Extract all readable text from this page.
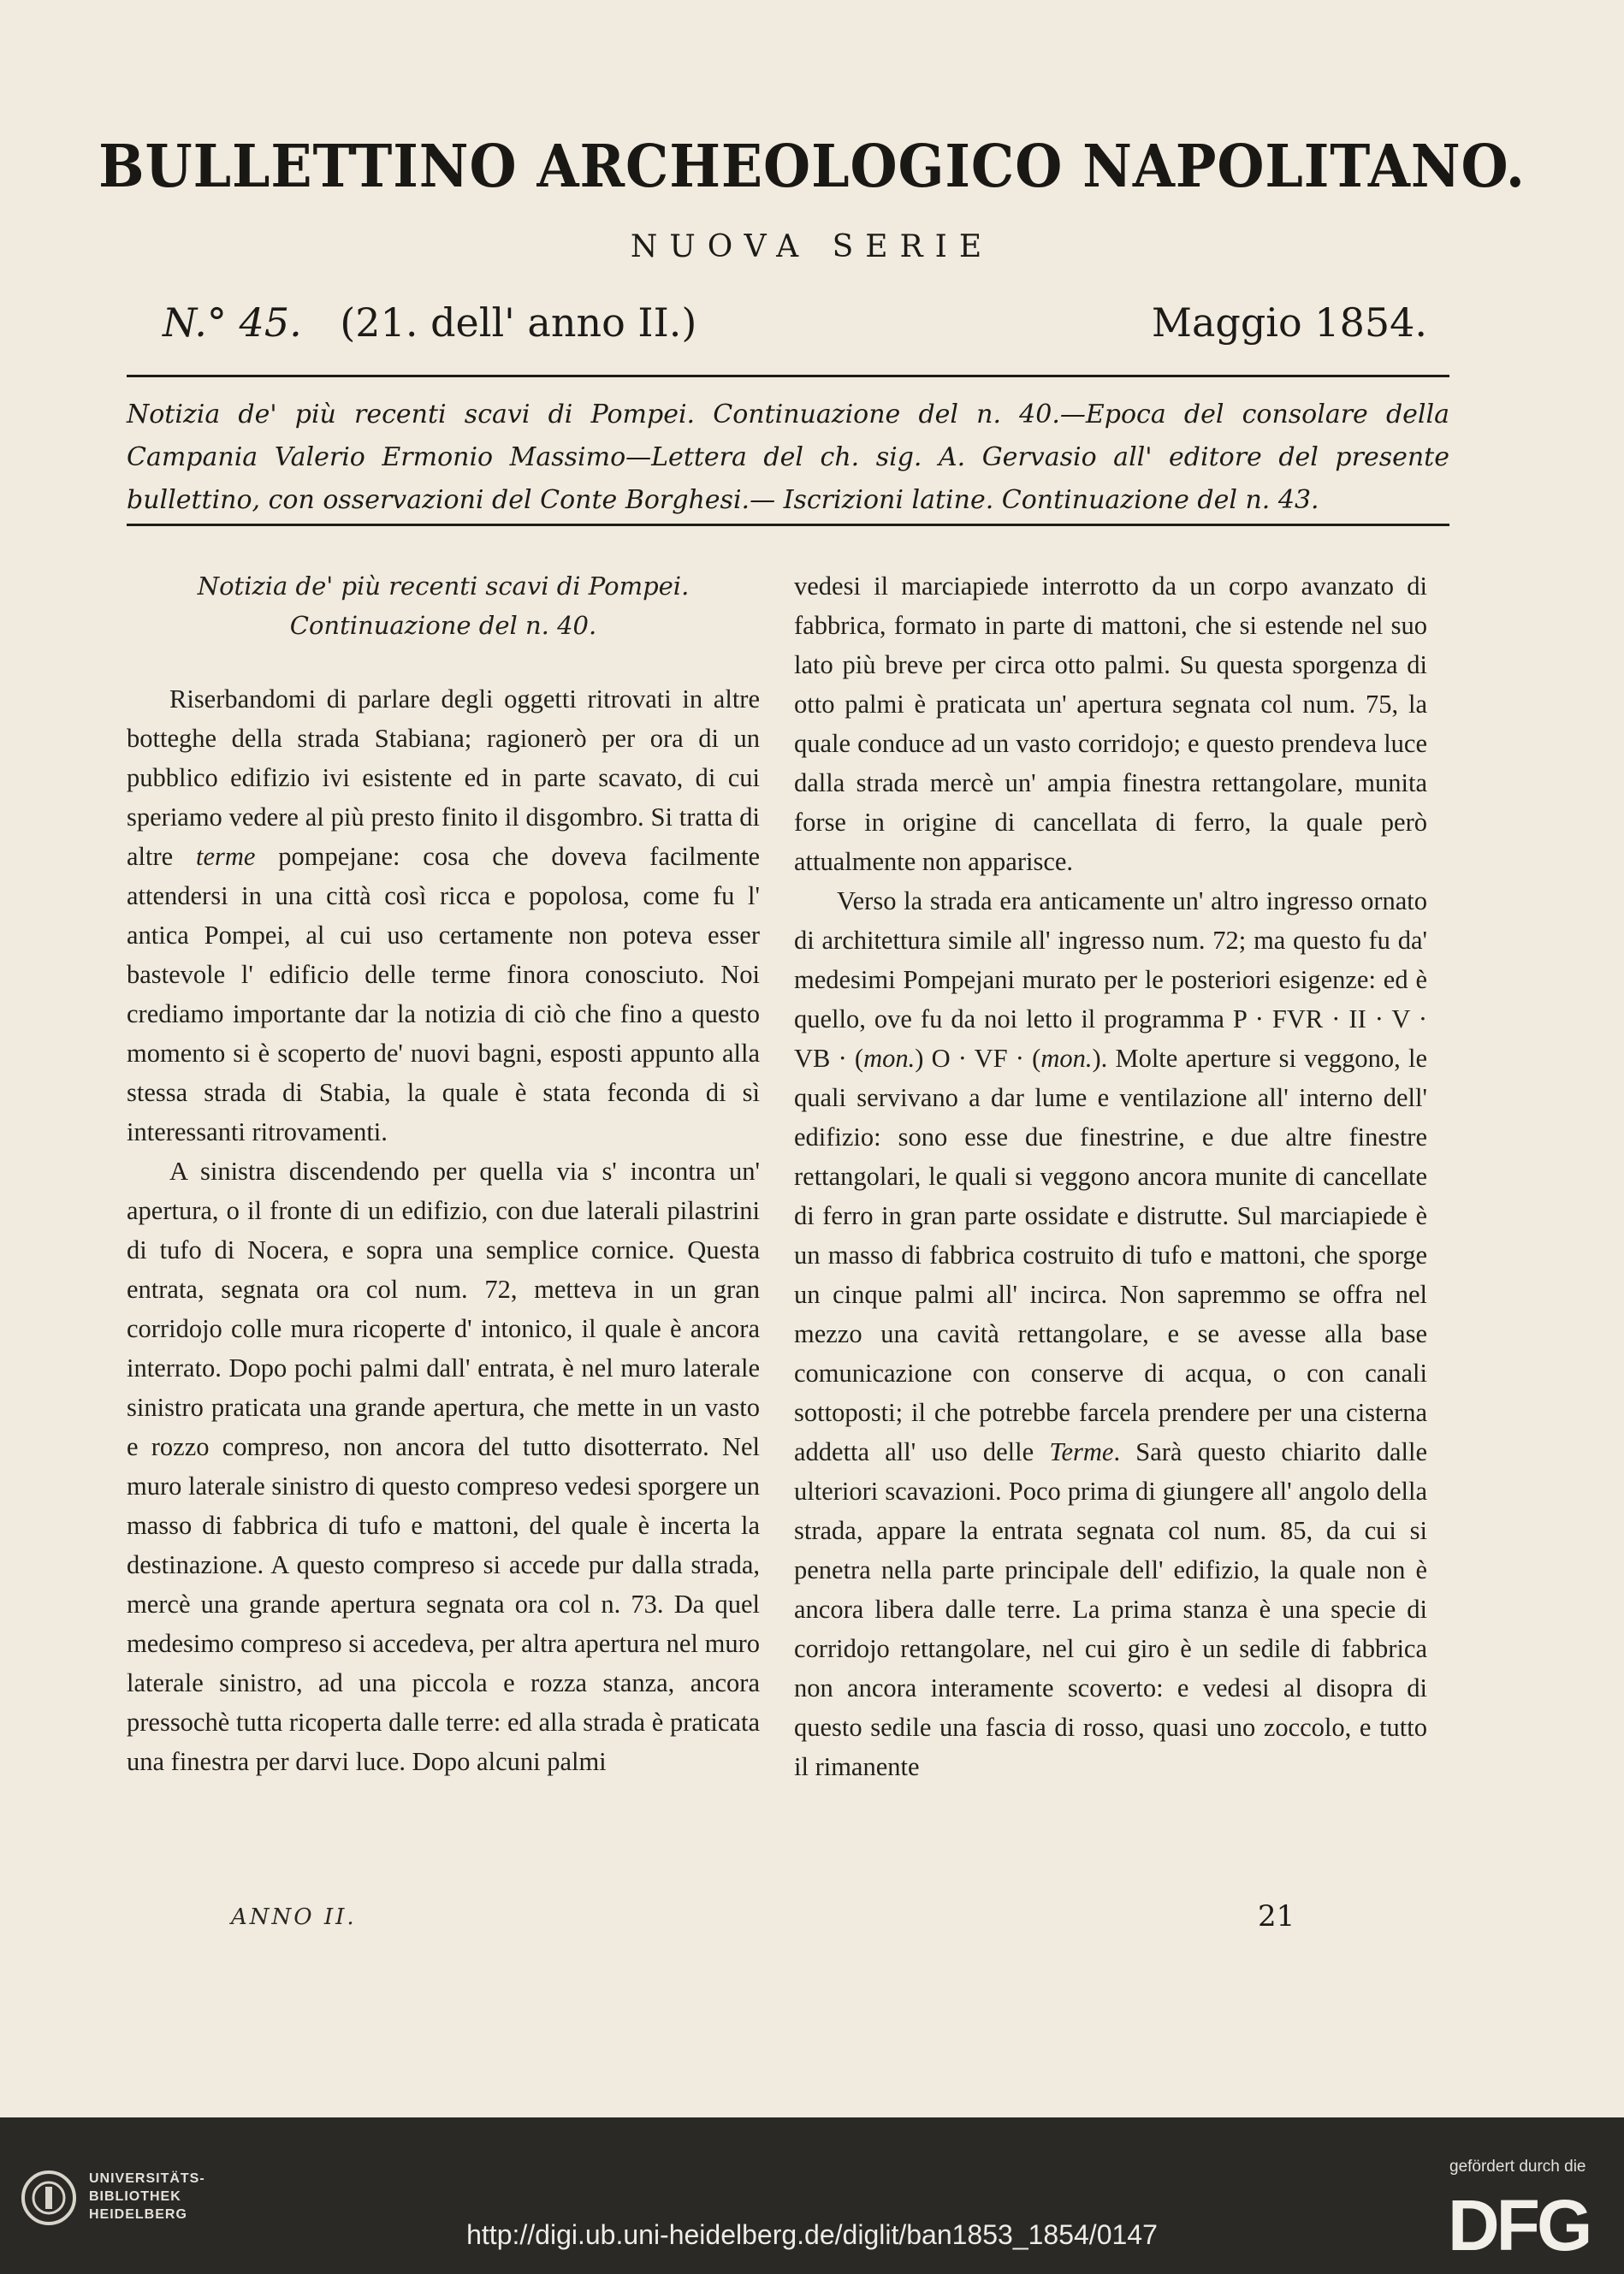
BULLETTINO ARCHEOLOGICO NAPOLITANO.
NUOVA SERIE
N.° 45. (21. dell' anno II.)	Maggio 1854.
Notizia de' più recenti scavi di Pompei. Continuazione del n. 40.—Epoca del consolare della Campania Valerio Ermonio Massimo—Lettera del ch. sig. A. Gervasio all' editore del presente bullettino, con osservazioni del Conte Borghesi.— Iscrizioni latine. Continuazione del n. 43.
Notizia de' più recenti scavi di Pompei.
Continuazione del n. 40.

Riserbandomi di parlare degli oggetti ritrovati in altre botteghe della strada Stabiana; ragionerò per ora di un pubblico edifizio ivi esistente ed in parte scavato, di cui speriamo vedere al più presto finito il disgombro. Si tratta di altre terme pompejane: cosa che doveva facilmente attendersi in una città così ricca e popolosa, come fu l' antica Pompei, al cui uso certamente non poteva esser bastevole l' edificio delle terme finora conosciuto. Noi crediamo importante dar la notizia di ciò che fino a questo momento si è scoperto de' nuovi bagni, esposti appunto alla stessa strada di Stabia, la quale è stata feconda di sì interessanti ritrovamenti.

A sinistra discendendo per quella via s' incontra un' apertura, o il fronte di un edifizio, con due laterali pilastrini di tufo di Nocera, e sopra una semplice cornice. Questa entrata, segnata ora col num. 72, metteva in un gran corridojo colle mura ricoperte d' intonico, il quale è ancora interrato. Dopo pochi palmi dall' entrata, è nel muro laterale sinistro praticata una grande apertura, che mette in un vasto e rozzo compreso, non ancora del tutto disotterrato. Nel muro laterale sinistro di questo compreso vedesi sporgere un masso di fabbrica di tufo e mattoni, del quale è incerta la destinazione. A questo compreso si accede pur dalla strada, mercè una grande apertura segnata ora col n. 73. Da quel medesimo compreso si accedeva, per altra apertura nel muro laterale sinistro, ad una piccola e rozza stanza, ancora pressochè tutta ricoperta dalle terre: ed alla strada è praticata una finestra per darvi luce. Dopo alcuni palmi

vedesi il marciapiede interrotto da un corpo avanzato di fabbrica, formato in parte di mattoni, che si estende nel suo lato più breve per circa otto palmi. Su questa sporgenza di otto palmi è praticata un' apertura segnata col num. 75, la quale conduce ad un vasto corridojo; e questo prendeva luce dalla strada mercè un' ampia finestra rettangolare, munita forse in origine di cancellata di ferro, la quale però attualmente non apparisce.

Verso la strada era anticamente un' altro ingresso ornato di architettura simile all' ingresso num. 72; ma questo fu da' medesimi Pompejani murato per le posteriori esigenze: ed è quello, ove fu da noi letto il programma P · FVR · II · V · VB · (mon.) O · VF · (mon.). Molte aperture si veggono, le quali servivano a dar lume e ventilazione all' interno dell' edifizio: sono esse due finestrine, e due altre finestre rettangolari, le quali si veggono ancora munite di cancellate di ferro in gran parte ossidate e distrutte. Sul marciapiede è un masso di fabbrica costruito di tufo e mattoni, che sporge un cinque palmi all' incirca. Non sapremmo se offra nel mezzo una cavità rettangolare, e se avesse alla base comunicazione con conserve di acqua, o con canali sottoposti; il che potrebbe farcela prendere per una cisterna addetta all' uso delle Terme. Sarà questo chiarito dalle ulteriori scavazioni. Poco prima di giungere all' angolo della strada, appare la entrata segnata col num. 85, da cui si penetra nella parte principale dell' edifizio, la quale non è ancora libera dalle terre. La prima stanza è una specie di corridojo rettangolare, nel cui giro è un sedile di fabbrica non ancora interamente scoverto: e vedesi al disopra di questo sedile una fascia di rosso, quasi uno zoccolo, e tutto il rimanente

ANNO II.	21
UNIVERSITÄTS-
BIBLIOTHEK
HEIDELBERG
http://digi.ub.uni-heidelberg.de/diglit/ban1853_1854/0147
gefördert durch die
DFG
